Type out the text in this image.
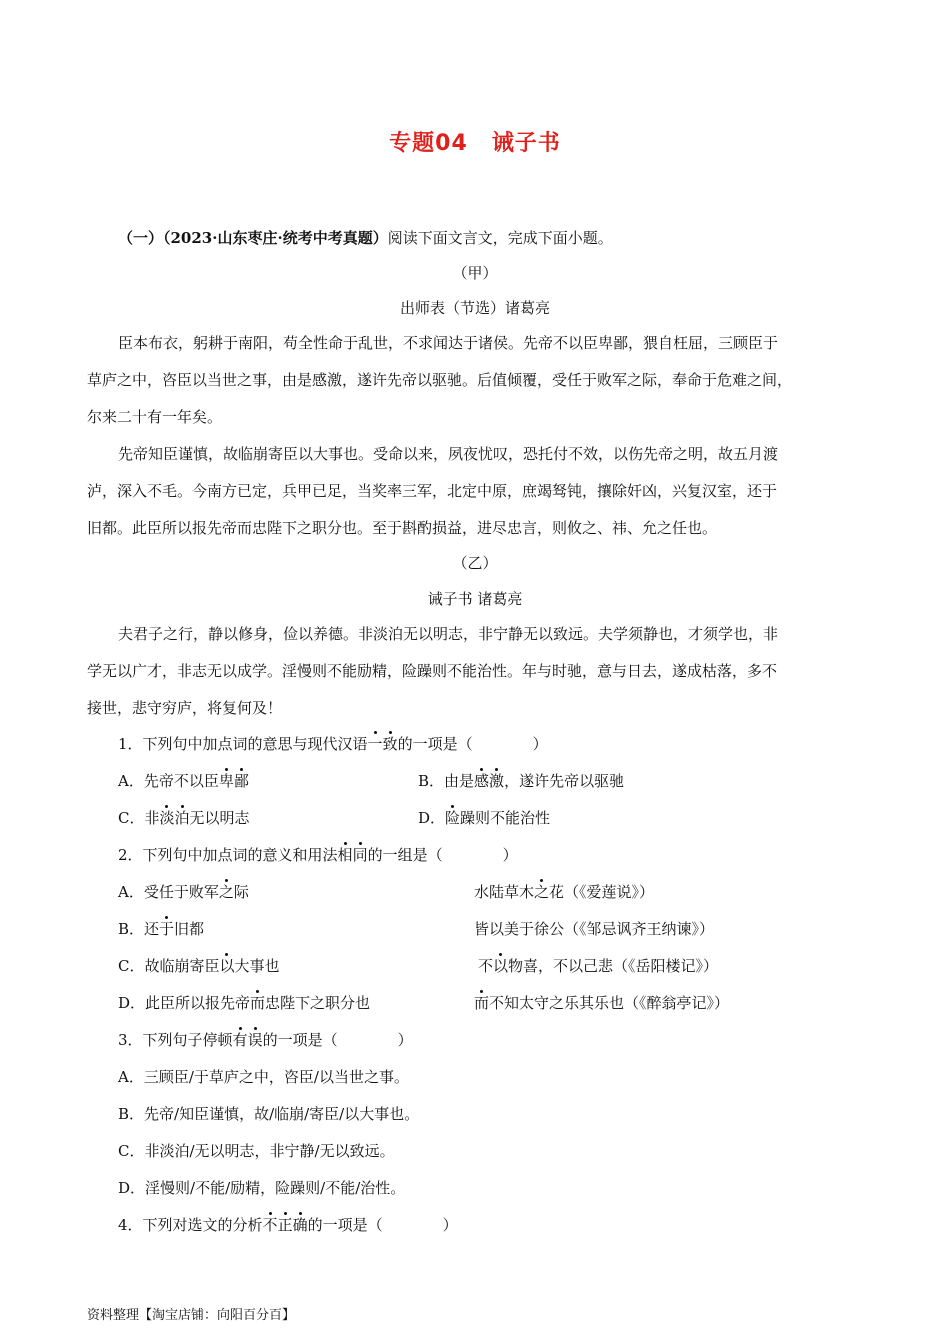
专题04 诫子书
（一）（2023·山东枣庄·统考中考真题）阅读下面文言文，完成下面小题。
（甲）
出师表（节选）诸葛亮
臣本布衣，躬耕于南阳，苟全性命于乱世，不求闻达于诸侯。先帝不以臣卑鄙，猥自枉屈，三顾臣于
草庐之中，咨臣以当世之事，由是感激，遂许先帝以驱驰。后值倾覆，受任于败军之际，奉命于危难之间，
尔来二十有一年矣。
先帝知臣谨慎，故临崩寄臣以大事也。受命以来，夙夜忧叹，恐托付不效，以伤先帝之明，故五月渡
泸，深入不毛。今南方已定，兵甲已足，当奖率三军，北定中原，庶竭驽钝，攘除奸凶，兴复汉室，还于
旧都。此臣所以报先帝而忠陛下之职分也。至于斟酌损益，进尽忠言，则攸之、祎、允之任也。
（乙）
诫子书 诸葛亮
夫君子之行，静以修身，俭以养德。非淡泊无以明志，非宁静无以致远。夫学须静也，才须学也，非
学无以广才，非志无以成学。淫慢则不能励精，险躁则不能治性。年与时驰，意与日去，遂成枯落，多不
接世，悲守穷庐，将复何及！
1．下列句中加点词的意思与现代汉语一致的一项是（　　　　）
A．先帝不以臣卑鄙	B．由是感激，遂许先帝以驱驰
C．非淡泊无以明志	D．险躁则不能治性
2．下列句中加点词的意义和用法相同的一组是（　　　　）
A．受任于败军之际	水陆草木之花（《爱莲说》）
B．还于旧都	皆以美于徐公（《邹忌讽齐王纳谏》）
C．故临崩寄臣以大事也	不以物喜，不以己悲（《岳阳楼记》）
D．此臣所以报先帝而忠陛下之职分也	而不知太守之乐其乐也（《醉翁亭记》）
3．下列句子停顿有误的一项是（　　　　）
A．三顾臣/于草庐之中，咨臣/以当世之事。
B．先帝/知臣谨慎，故/临崩/寄臣/以大事也。
C．非淡泊/无以明志，非宁静/无以致远。
D．淫慢则/不能/励精，险躁则/不能/治性。
4．下列对选文的分析不正确的一项是（　　　　）
资料整理【淘宝店铺：向阳百分百】
